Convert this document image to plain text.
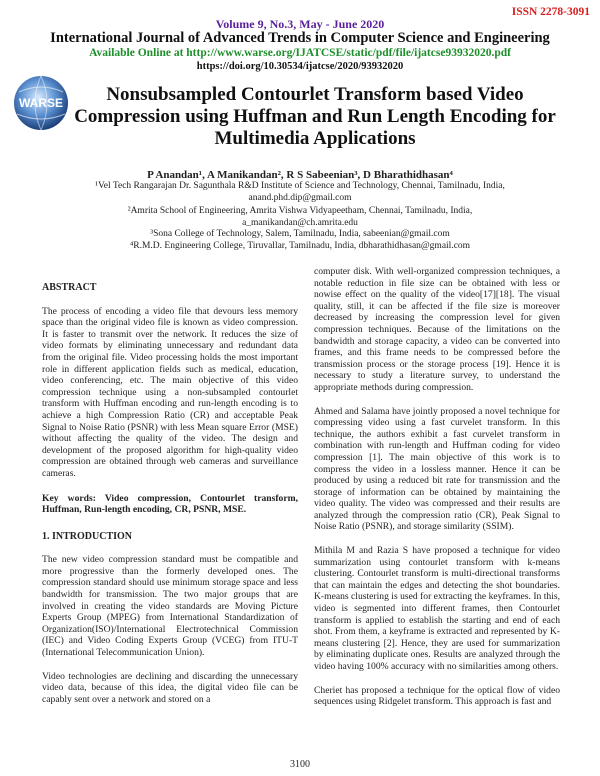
ISSN 2278-3091
Volume 9, No.3, May - June 2020
International Journal of Advanced Trends in Computer Science and Engineering
Available Online at http://www.warse.org/IJATCSE/static/pdf/file/ijatcse93932020.pdf
https://doi.org/10.30534/ijatcse/2020/93932020
WARSE	Nonsubsampled Contourlet Transform based Video Compression using Huffman and Run Length Encoding for Multimedia Applications
P Anandan¹, A Manikandan², R S Sabeenian³, D Bharathidhasan⁴
¹Vel Tech Rangarajan Dr. Sagunthala R&D Institute of Science and Technology, Chennai, Tamilnadu, India,
anand.phd.dip@gmail.com
²Amrita School of Engineering, Amrita Vishwa Vidyapeetham, Chennai, Tamilnadu, India,
a_manikandan@ch.amrita.edu
³Sona College of Technology, Salem, Tamilnadu, India, sabeenian@gmail.com
⁴R.M.D. Engineering College, Tiruvallar, Tamilnadu, India, dbharathidhasan@gmail.com
ABSTRACT

The process of encoding a video file that devours less memory space than the original video file is known as video compression. It is faster to transmit over the network. It reduces the size of video formats by eliminating unnecessary and redundant data from the original file. Video processing holds the most important role in different application fields such as medical, education, video conferencing, etc. The main objective of this video compression technique using a non-subsampled contourlet transform with Huffman encoding and run-length encoding is to achieve a high Compression Ratio (CR) and acceptable Peak Signal to Noise Ratio (PSNR) with less Mean square Error (MSE) without affecting the quality of the video. The design and development of the proposed algorithm for high-quality video compression are obtained through web cameras and surveillance cameras.

Key words: Video compression, Contourlet transform, Huffman, Run-length encoding, CR, PSNR, MSE.

1. INTRODUCTION

The new video compression standard must be compatible and more progressive than the formerly developed ones. The compression standard should use minimum storage space and less bandwidth for transmission. The two major groups that are involved in creating the video standards are Moving Picture Experts Group (MPEG) from International Standardization of Organization(ISO)/International Electrotechnical Commission (IEC) and Video Coding Experts Group (VCEG) from ITU-T (International Telecommunication Union).

Video technologies are declining and discarding the unnecessary video data, because of this idea, the digital video file can be capably sent over a network and stored on a

computer disk. With well-organized compression techniques, a notable reduction in file size can be obtained with less or nowise effect on the quality of the video[17][18]. The visual quality, still, it can be affected if the file size is moreover decreased by increasing the compression level for given compression techniques. Because of the limitations on the bandwidth and storage capacity, a video can be converted into frames, and this frame needs to be compressed before the transmission process or the storage process [19]. Hence it is necessary to study a literature survey, to understand the appropriate methods during compression.

Ahmed and Salama have jointly proposed a novel technique for compressing video using a fast curvelet transform. In this technique, the authors exhibit a fast curvelet transform in combination with run-length and Huffman coding for video compression [1]. The main objective of this work is to compress the video in a lossless manner. Hence it can be produced by using a reduced bit rate for transmission and the storage of information can be obtained by maintaining the video quality. The video was compressed and their results are analyzed through the compression ratio (CR), Peak Signal to Noise Ratio (PSNR), and storage similarity (SSIM).

Mithila M and Razia S have proposed a technique for video summarization using contourlet transform with k-means clustering. Contourlet transform is multi-directional transforms that can maintain the edges and detecting the shot boundaries. K-means clustering is used for extracting the keyframes. In this, video is segmented into different frames, then Contourlet transform is applied to establish the starting and end of each shot. From them, a keyframe is extracted and represented by K- means clustering [2]. Hence, they are used for summarization by eliminating duplicate ones. Results are analyzed through the video having 100% accuracy with no similarities among others.

Cheriet has proposed a technique for the optical flow of video sequences using Ridgelet transform. This approach is fast and

3100
